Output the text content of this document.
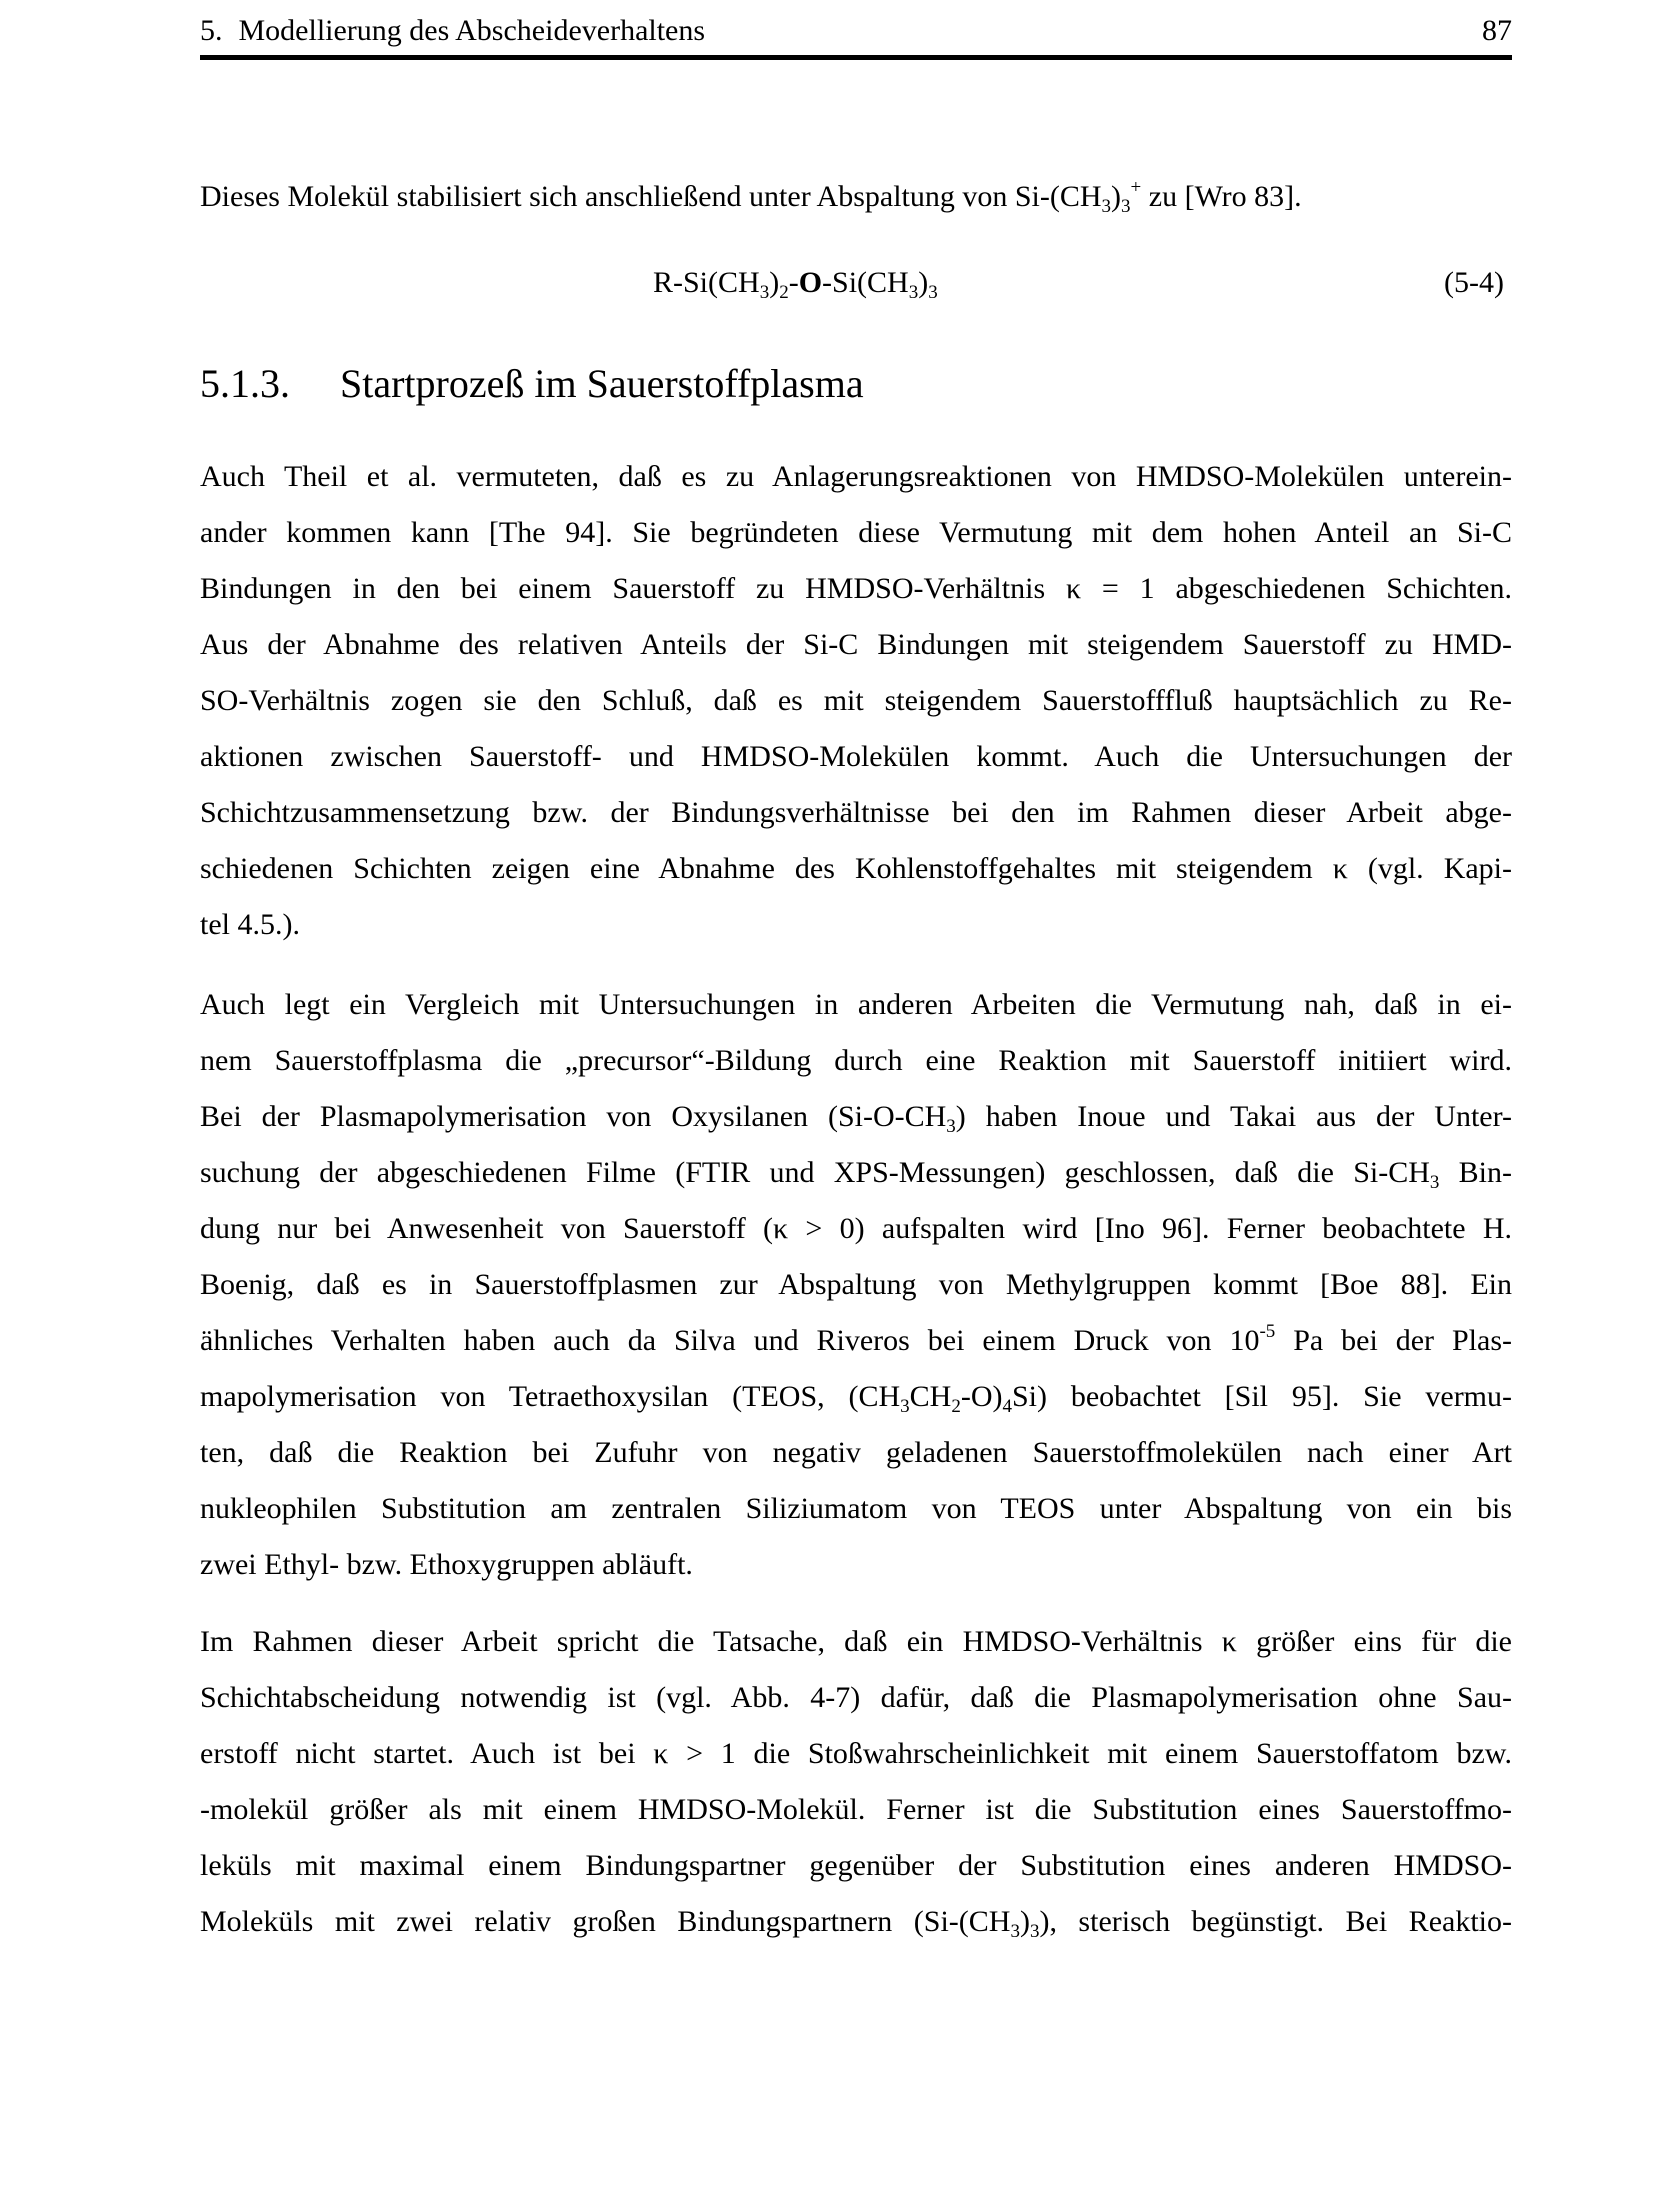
5. Modellierung des Abscheideverhaltens	87

Dieses Molekül stabilisiert sich anschließend unter Abspaltung von $Si-(CH_3)_3^+$ zu [Wro 83].

$R-Si(CH_3)_2-O-Si(CH_3)_3$	(5-4)
5.1.3. Startprozeß im Sauerstoffplasma
Auch Theil et al. vermuteten, daß es zu Anlagerungsreaktionen von HMDSO-Molekülen unterein-
ander kommen kann [The 94]. Sie begründeten diese Vermutung mit dem hohen Anteil an Si-C
Bindungen in den bei einem Sauerstoff zu HMDSO-Verhältnis κ = 1 abgeschiedenen Schichten.
Aus der Abnahme des relativen Anteils der Si-C Bindungen mit steigendem Sauerstoff zu HMD-
SO-Verhältnis zogen sie den Schluß, daß es mit steigendem Sauerstofffluß hauptsächlich zu Re-
aktionen zwischen Sauerstoff- und HMDSO-Molekülen kommt. Auch die Untersuchungen der
Schichtzusammensetzung bzw. der Bindungsverhältnisse bei den im Rahmen dieser Arbeit abge-
schiedenen Schichten zeigen eine Abnahme des Kohlenstoffgehaltes mit steigendem κ (vgl. Kapi-
tel 4.5.).
Auch legt ein Vergleich mit Untersuchungen in anderen Arbeiten die Vermutung nah, daß in ei-
nem Sauerstoffplasma die „precursor“-Bildung durch eine Reaktion mit Sauerstoff initiiert wird.
Bei der Plasmapolymerisation von Oxysilanen $(Si-O-CH_3)$ haben Inoue und Takai aus der Unter-
suchung der abgeschiedenen Filme (FTIR und XPS-Messungen) geschlossen, daß die $Si-CH_3$ Bin-
dung nur bei Anwesenheit von Sauerstoff (κ > 0) aufspalten wird [Ino 96]. Ferner beobachtete H.
Boenig, daß es in Sauerstoffplasmen zur Abspaltung von Methylgruppen kommt [Boe 88]. Ein
ähnliches Verhalten haben auch da Silva und Riveros bei einem Druck von $10^{-5}$ Pa bei der Plas-
mapolymerisation von Tetraethoxysilan (TEOS, $(CH_3CH_2-O)_4Si$) beobachtet [Sil 95]. Sie vermu-
ten, daß die Reaktion bei Zufuhr von negativ geladenen Sauerstoffmolekülen nach einer Art
nukleophilen Substitution am zentralen Siliziumatom von TEOS unter Abspaltung von ein bis
zwei Ethyl- bzw. Ethoxygruppen abläuft.
Im Rahmen dieser Arbeit spricht die Tatsache, daß ein HMDSO-Verhältnis κ größer eins für die
Schichtabscheidung notwendig ist (vgl. Abb. 4-7) dafür, daß die Plasmapolymerisation ohne Sau-
erstoff nicht startet. Auch ist bei κ > 1 die Stoßwahrscheinlichkeit mit einem Sauerstoffatom bzw.
-molekül größer als mit einem HMDSO-Molekül. Ferner ist die Substitution eines Sauerstoffmo-
leküls mit maximal einem Bindungspartner gegenüber der Substitution eines anderen HMDSO-
Moleküls mit zwei relativ großen Bindungspartnern $(Si-(CH_3)_3)$, sterisch begünstigt. Bei Reaktio-
